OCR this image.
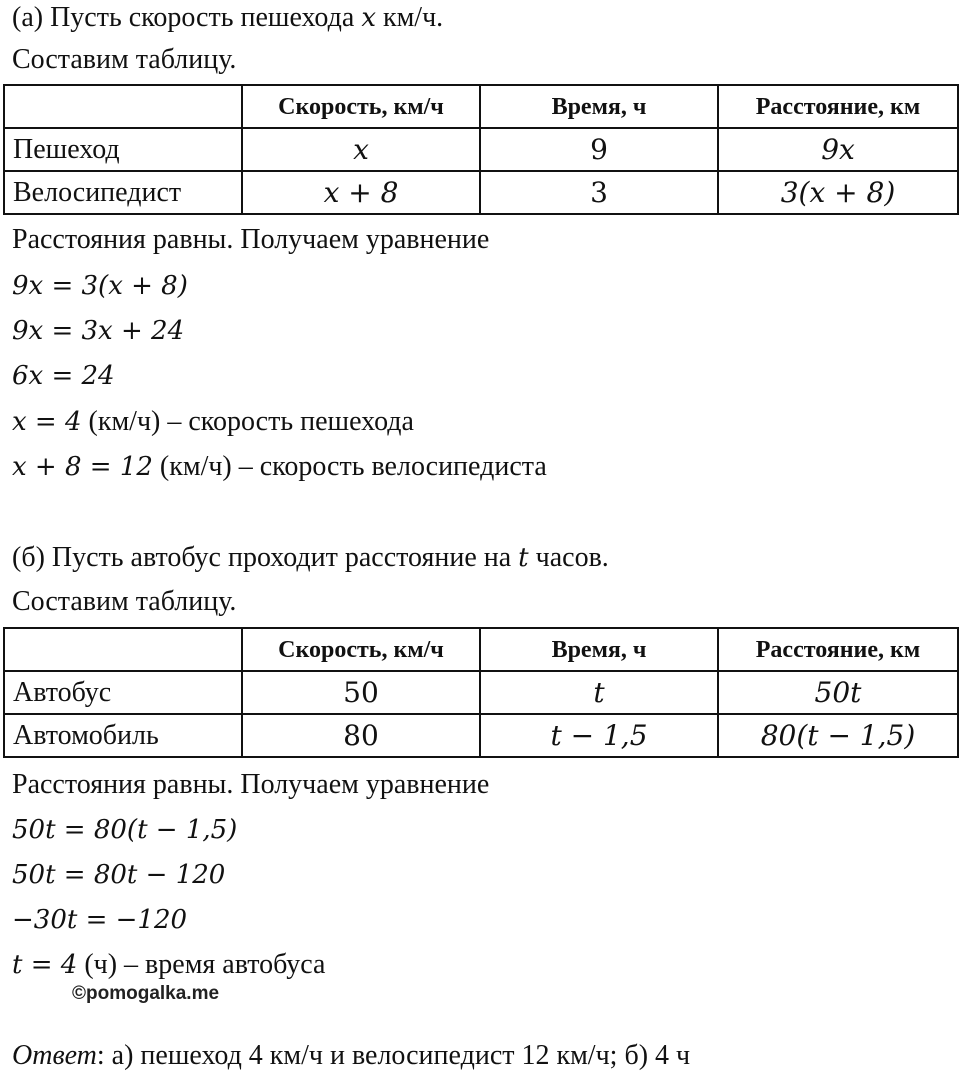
(а) Пусть скорость пешехода x км/ч.
Составим таблицу.
	Скорость, км/ч	Время, ч	Расстояние, км
Пешеход	x	9	9x
Велосипедист	x + 8	3	3(x + 8)
Расстояния равны. Получаем уравнение
9x = 3(x + 8)
9x = 3x + 24
6x = 24
x = 4 (км/ч) – скорость пешехода
x + 8 = 12 (км/ч) – скорость велосипедиста
(б) Пусть автобус проходит расстояние на t часов.
Составим таблицу.
	Скорость, км/ч	Время, ч	Расстояние, км
Автобус	50	t	50t
Автомобиль	80	t − 1,5	80(t − 1,5)
Расстояния равны. Получаем уравнение
50t = 80(t − 1,5)
50t = 80t − 120
−30t = −120
t = 4 (ч) – время автобуса
©pomogalka.me
Ответ: а) пешеход 4 км/ч и велосипедист 12 км/ч; б) 4 ч
